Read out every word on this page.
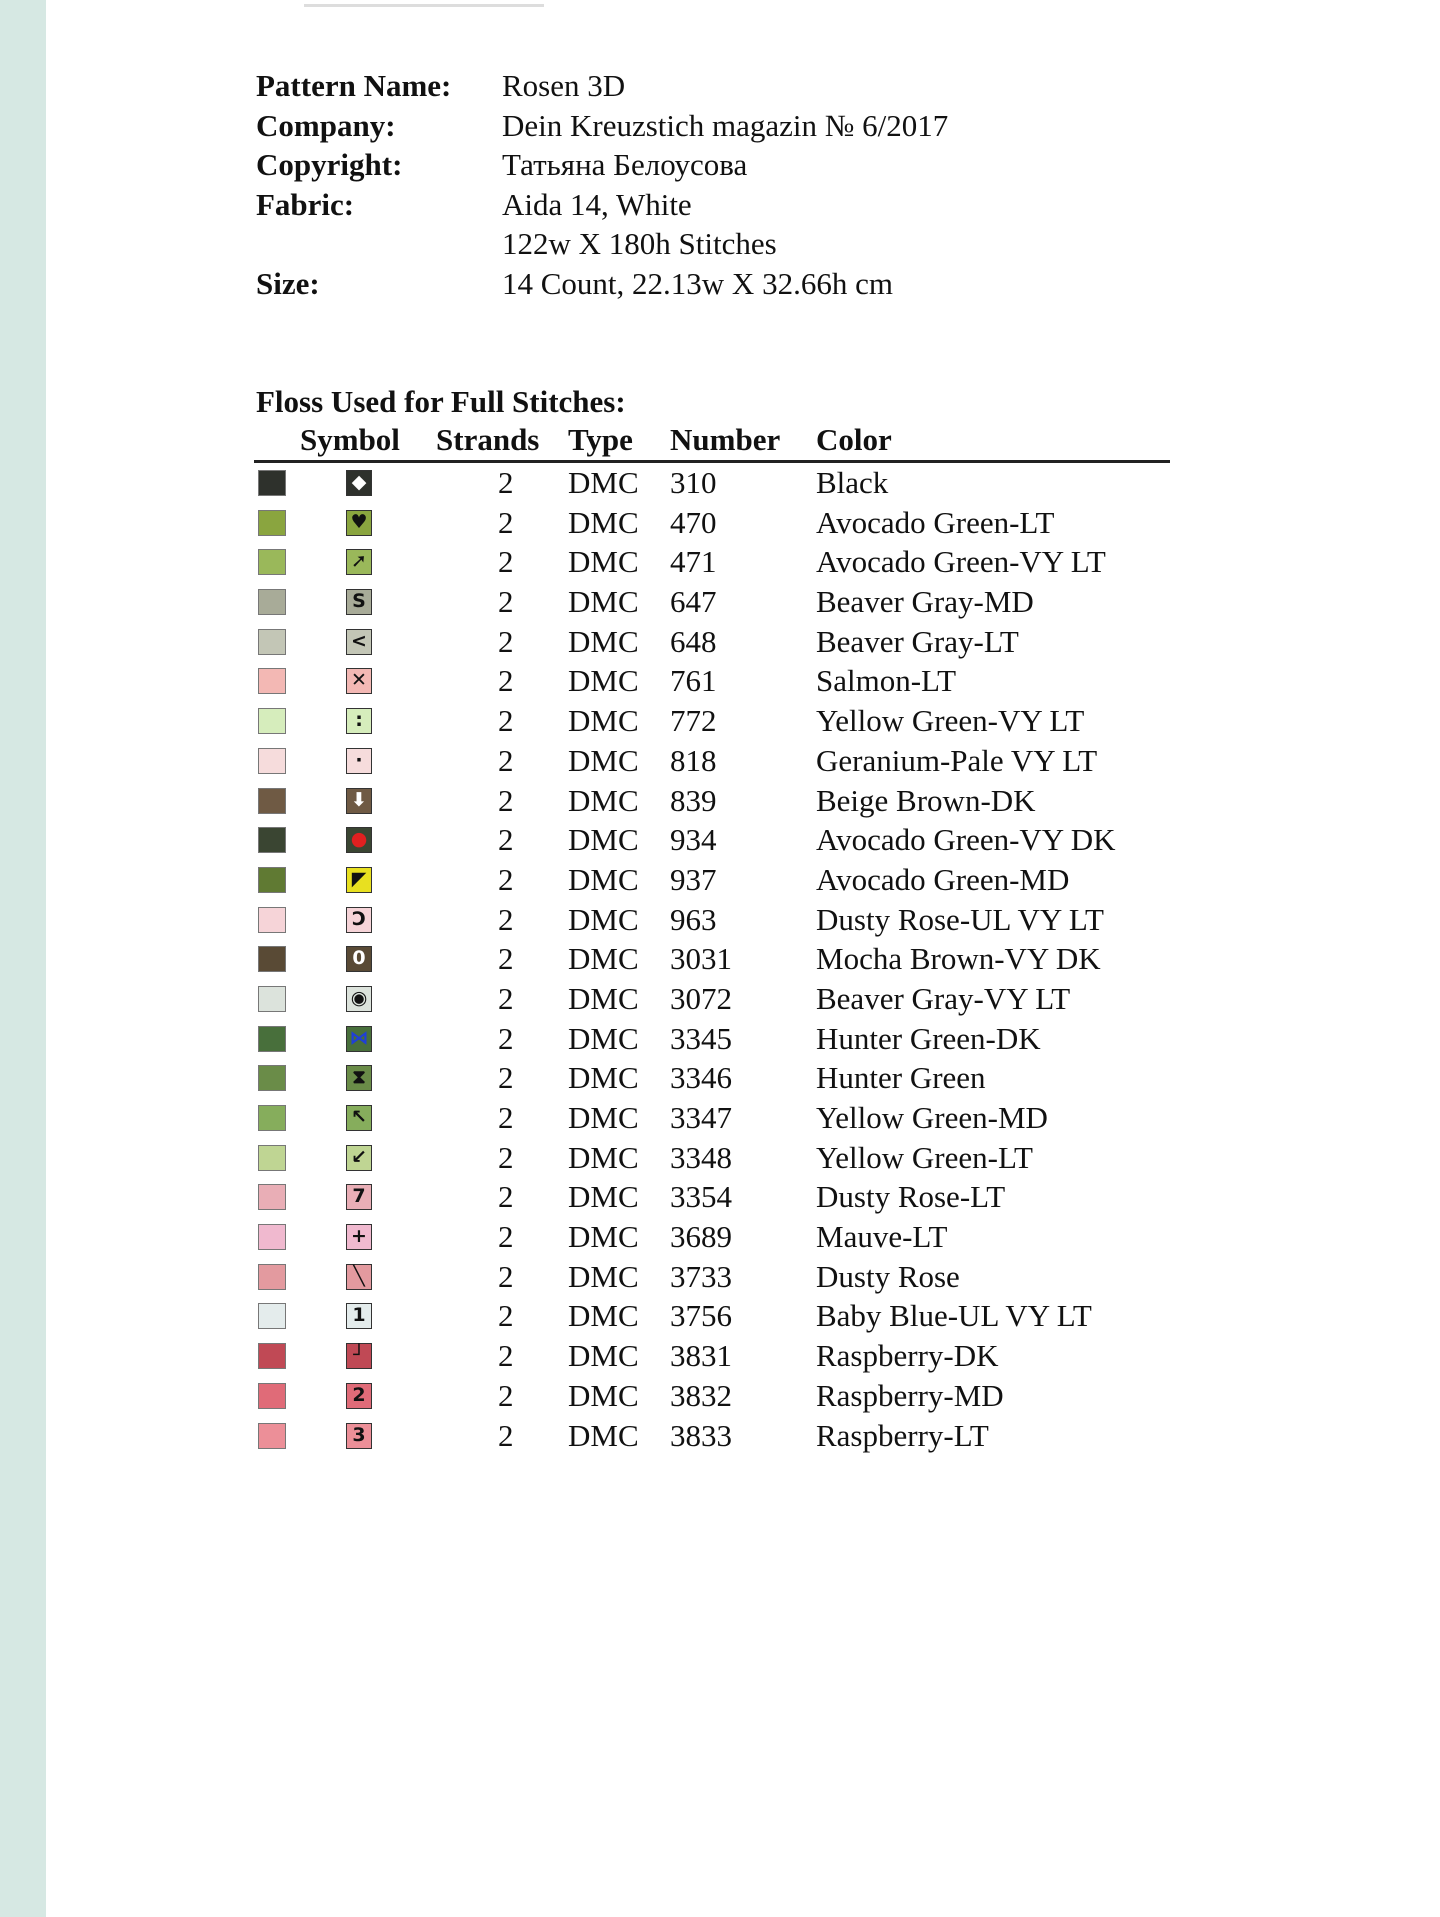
Pattern Name:	Rosen 3D
Company:	Dein Kreuzstich magazin № 6/2017
Copyright:	Татьяна Белоусова
Fabric:	Aida 14, White
122w X 180h Stitches
Size:	14 Count, 22.13w X 32.66h cm
Floss Used for Full Stitches:
Symbol Strands Type Number Color
◆	2 DMC 310	Black
♥	2 DMC 470	Avocado Green-LT
➚	2 DMC 471	Avocado Green-VY LT
S	2 DMC 647	Beaver Gray-MD
<	2 DMC 648	Beaver Gray-LT
✕	2 DMC 761	Salmon-LT
:	2 DMC 772	Yellow Green-VY LT
·	2 DMC 818	Geranium-Pale VY LT
⬇	2 DMC 839	Beige Brown-DK
●	2 DMC 934	Avocado Green-VY DK
◤	2 DMC 937	Avocado Green-MD
Ↄ	2 DMC 963	Dusty Rose-UL VY LT
0	2 DMC 3031	Mocha Brown-VY DK
◉	2 DMC 3072	Beaver Gray-VY LT
⋈	2 DMC 3345	Hunter Green-DK
⧗	2 DMC 3346	Hunter Green
↖	2 DMC 3347	Yellow Green-MD
↙	2 DMC 3348	Yellow Green-LT
7	2 DMC 3354	Dusty Rose-LT
+	2 DMC 3689	Mauve-LT
╲	2 DMC 3733	Dusty Rose
1	2 DMC 3756	Baby Blue-UL VY LT
┘	2 DMC 3831	Raspberry-DK
2	2 DMC 3832	Raspberry-MD
3	2 DMC 3833	Raspberry-LT
